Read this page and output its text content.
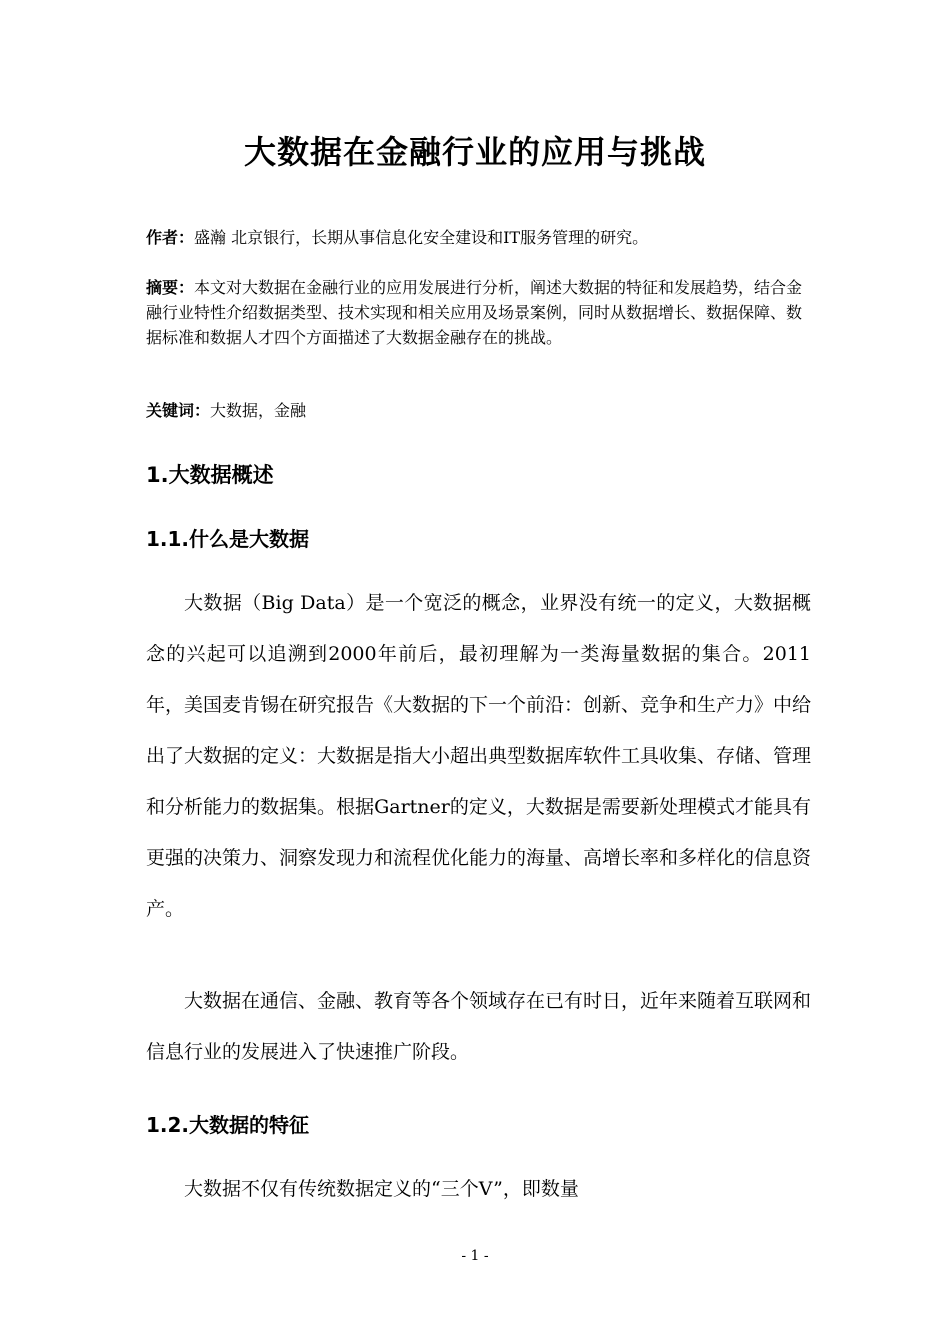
大数据在金融行业的应用与挑战
作者：盛瀚 北京银行，长期从事信息化安全建设和IT服务管理的研究。
摘要：本文对大数据在金融行业的应用发展进行分析，阐述大数据的特征和发展趋势，结合金融行业特性介绍数据类型、技术实现和相关应用及场景案例，同时从数据增长、数据保障、数据标准和数据人才四个方面描述了大数据金融存在的挑战。
关键词：大数据，金融
1.大数据概述
1.1.什么是大数据

大数据（Big Data）是一个宽泛的概念，业界没有统一的定义，大数据概念的兴起可以追溯到2000年前后，最初理解为一类海量数据的集合。2011年，美国麦肯锡在研究报告《大数据的下一个前沿：创新、竞争和生产力》中给出了大数据的定义：大数据是指大小超出典型数据库软件工具收集、存储、管理和分析能力的数据集。根据Gartner的定义，大数据是需要新处理模式才能具有更强的决策力、洞察发现力和流程优化能力的海量、高增长率和多样化的信息资产。

大数据在通信、金融、教育等各个领域存在已有时日，近年来随着互联网和信息行业的发展进入了快速推广阶段。

1.2.大数据的特征

大数据不仅有传统数据定义的“三个V”，即数量

- 1 -
